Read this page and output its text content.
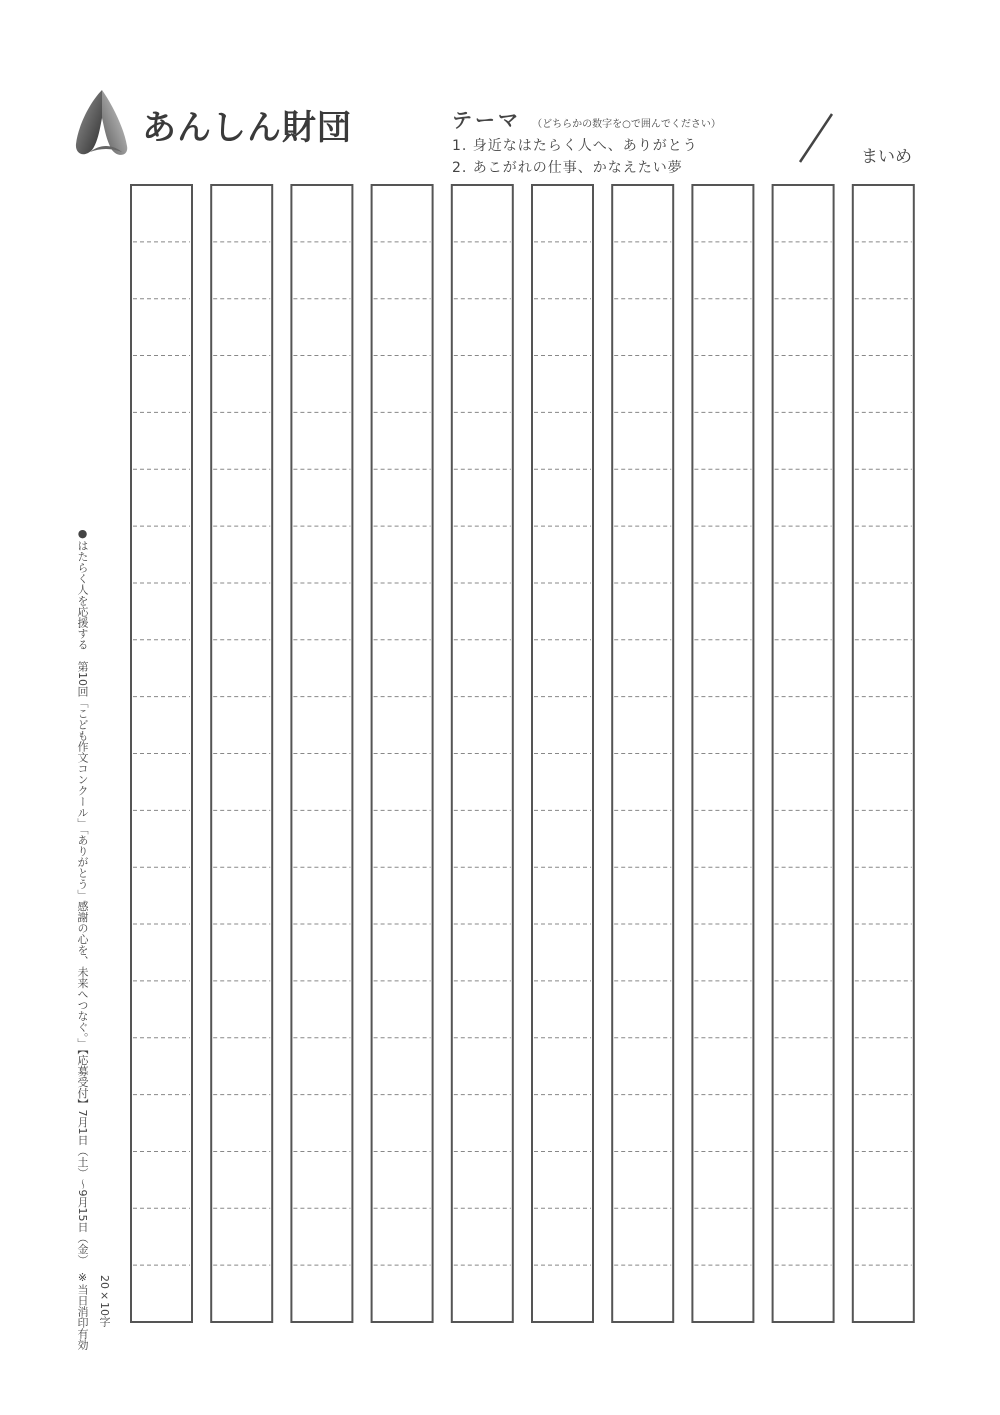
あんしん財団	テーマ （どちらかの数字を○で囲んでください）
1. 身近なはたらく人へ、ありがとう
2. あこがれの仕事、かなえたい夢
まいめ
●はたらく人を応援する　第10回「こども作文コンクール」「ありがとう」感謝の心を、未来へつなぐ。」【応募受付】7月1日（土）〜9月15日（金）　※当日消印有効 20×10字
